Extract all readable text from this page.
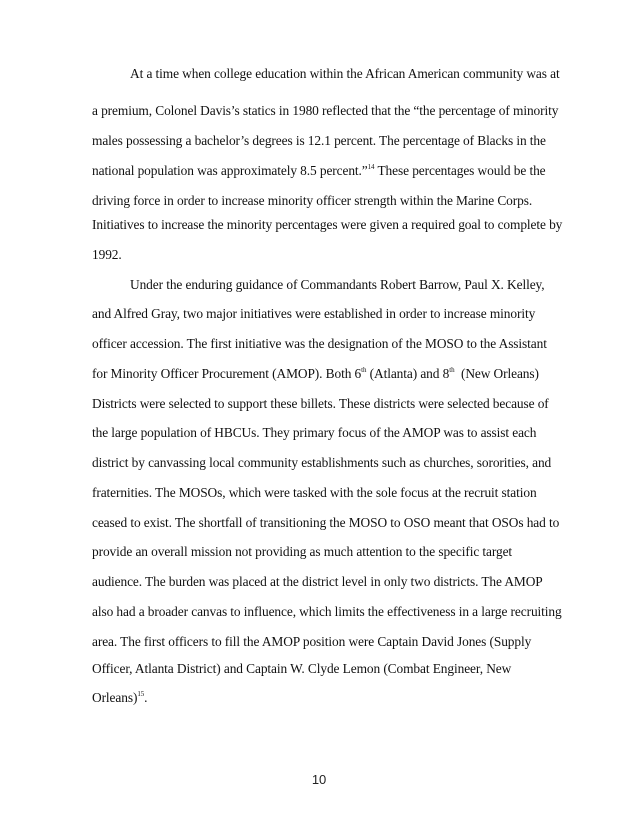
At a time when college education within the African American community was at
a premium, Colonel Davis’s statics in 1980 reflected that the “the percentage of minority
males possessing a bachelor’s degrees is 12.1 percent. The percentage of Blacks in the
national population was approximately 8.5 percent.”$^{14}$ These percentages would be the
driving force in order to increase minority officer strength within the Marine Corps.
Initiatives to increase the minority percentages were given a required goal to complete by
1992.
Under the enduring guidance of Commandants Robert Barrow, Paul X. Kelley,
and Alfred Gray, two major initiatives were established in order to increase minority
officer accession. The first initiative was the designation of the MOSO to the Assistant
for Minority Officer Procurement (AMOP). Both 6th (Atlanta) and 8th  (New Orleans)
Districts were selected to support these billets. These districts were selected because of
the large population of HBCUs. They primary focus of the AMOP was to assist each
district by canvassing local community establishments such as churches, sororities, and
fraternities. The MOSOs, which were tasked with the sole focus at the recruit station
ceased to exist. The shortfall of transitioning the MOSO to OSO meant that OSOs had to
provide an overall mission not providing as much attention to the specific target
audience. The burden was placed at the district level in only two districts. The AMOP
also had a broader canvas to influence, which limits the effectiveness in a large recruiting
area. The first officers to fill the AMOP position were Captain David Jones (Supply
Officer, Atlanta District) and Captain W. Clyde Lemon (Combat Engineer, New
Orleans)$^{15}$.
10
